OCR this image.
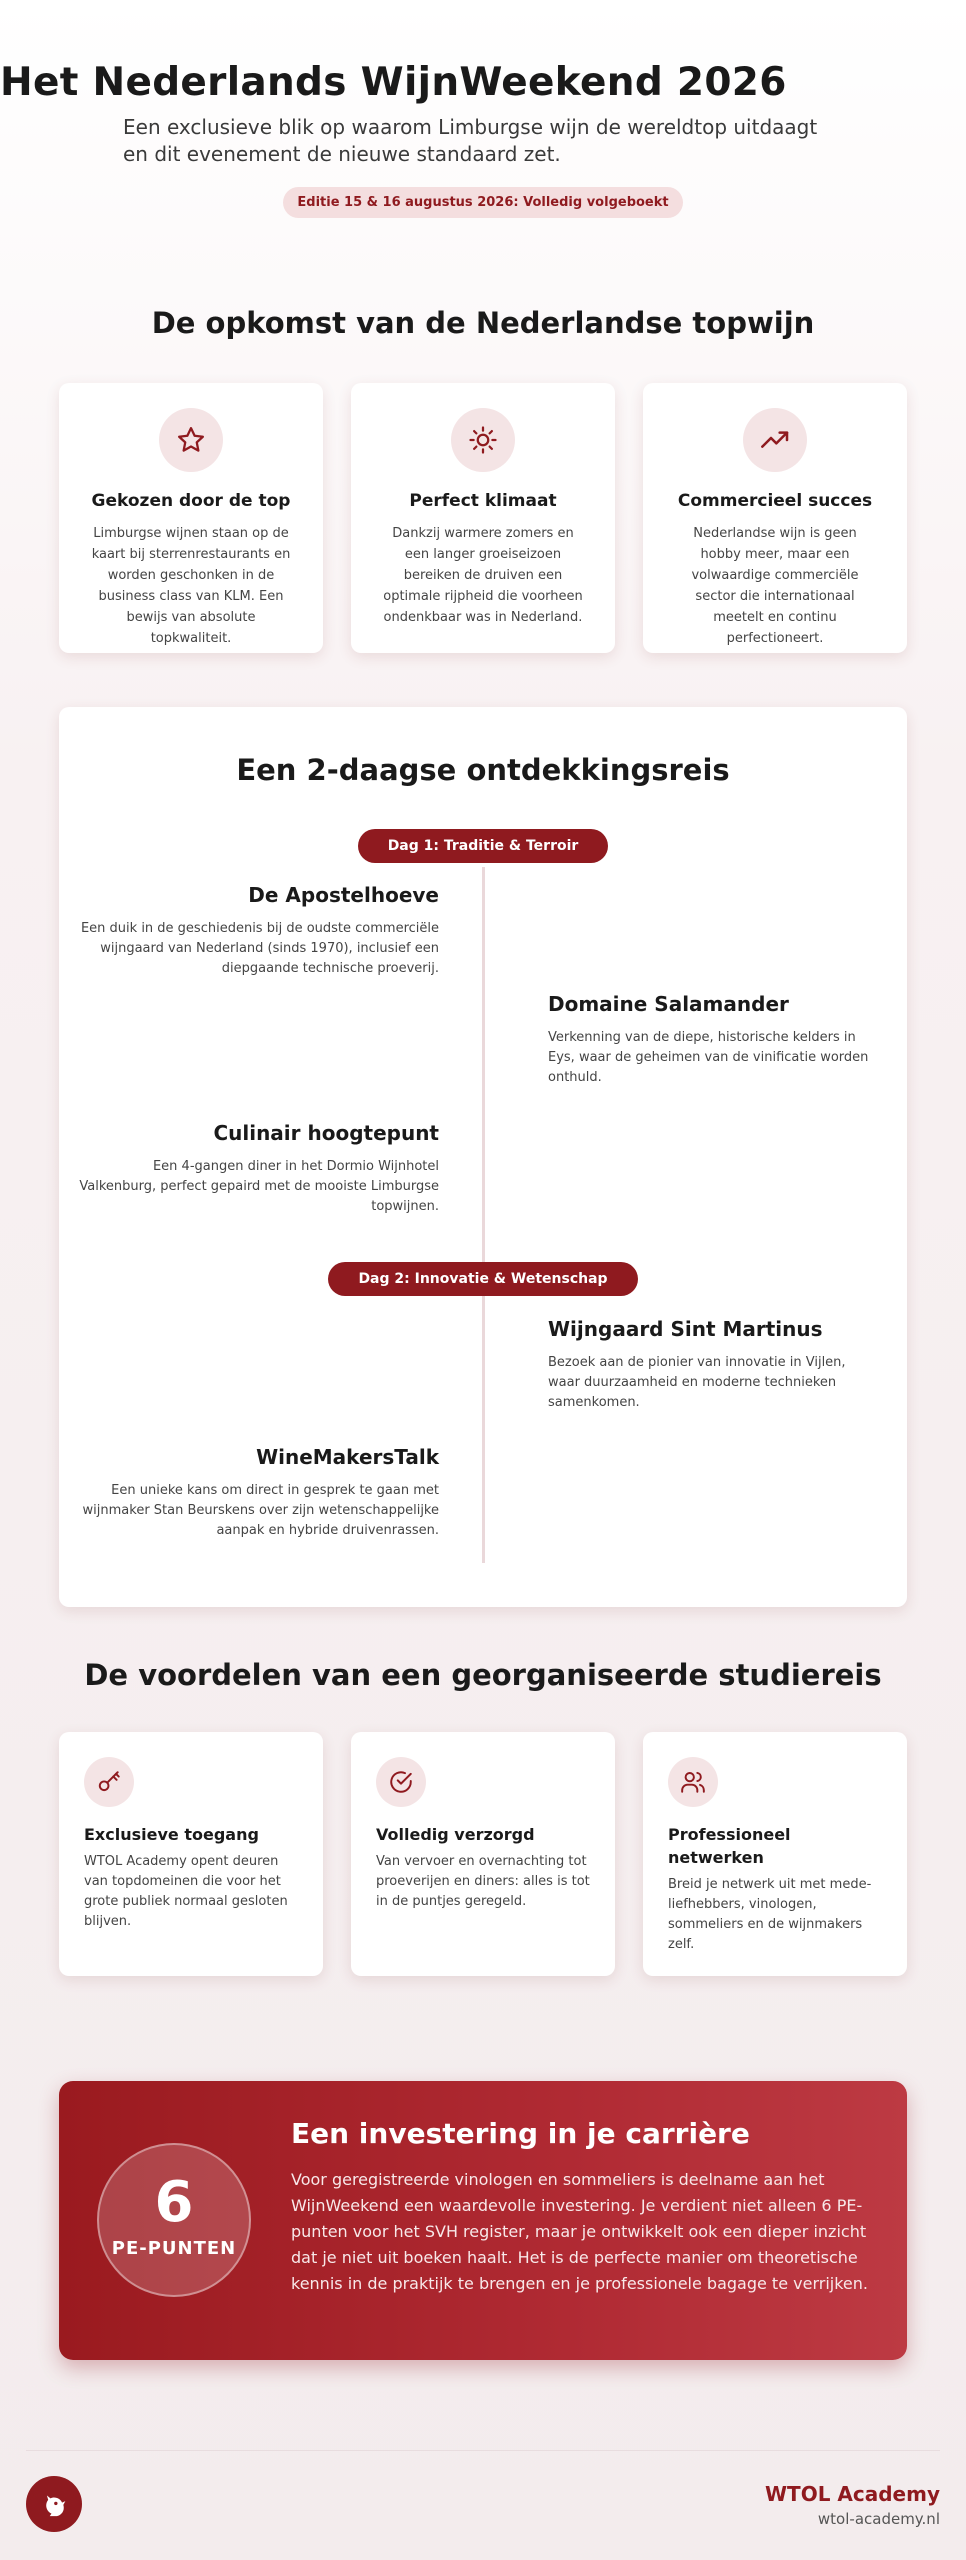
Het Nederlands WijnWeekend 2026

Een exclusieve blik op waarom Limburgse wijn de wereldtop uitdaagt en dit evenement de nieuwe standaard zet.

Editie 15 & 16 augustus 2026: Volledig volgeboekt
De opkomst van de Nederlandse topwijn
Gekozen door de top
Limburgse wijnen staan op de kaart bij sterrenrestaurants en worden geschonken in de business class van KLM. Een bewijs van absolute topkwaliteit.
Perfect klimaat
Dankzij warmere zomers en een langer groeiseizoen bereiken de druiven een optimale rijpheid die voorheen ondenkbaar was in Nederland.
Commercieel succes
Nederlandse wijn is geen hobby meer, maar een volwaardige commerciële sector die internationaal meetelt en continu perfectioneert.
Een 2-daagse ontdekkingsreis
Dag 1: Traditie & Terroir
De Apostelhoeve

Een duik in de geschiedenis bij de oudste commerciële wijngaard van Nederland (sinds 1970), inclusief een diepgaande technische proeverij.

Domaine Salamander

Verkenning van de diepe, historische kelders in Eys, waar de geheimen van de vinificatie worden onthuld.

Culinair hoogtepunt

Een 4-gangen diner in het Dormio Wijnhotel Valkenburg, perfect gepaird met de mooiste Limburgse topwijnen.

Dag 2: Innovatie & Wetenschap
Wijngaard Sint Martinus

Bezoek aan de pionier van innovatie in Vijlen, waar duurzaamheid en moderne technieken samenkomen.

WineMakersTalk

Een unieke kans om direct in gesprek te gaan met wijnmaker Stan Beurskens over zijn wetenschappelijke aanpak en hybride druivenrassen.

De voordelen van een georganiseerde studiereis
Exclusieve toegang
WTOL Academy opent deuren van topdomeinen die voor het grote publiek normaal gesloten blijven.
Volledig verzorgd
Van vervoer en overnachting tot proeverijen en diners: alles is tot in de puntjes geregeld.
Professioneel netwerken
Breid je netwerk uit met mede-liefhebbers, vinologen, sommeliers en de wijnmakers zelf.
6
PE-PUNTEN
Een investering in je carrière

Voor geregistreerde vinologen en sommeliers is deelname aan het WijnWeekend een waardevolle investering. Je verdient niet alleen 6 PE-punten voor het SVH register, maar je ontwikkelt ook een dieper inzicht dat je niet uit boeken haalt. Het is de perfecte manier om theoretische kennis in de praktijk te brengen en je professionele bagage te verrijken.

WTOL Academy
wtol-academy.nl
